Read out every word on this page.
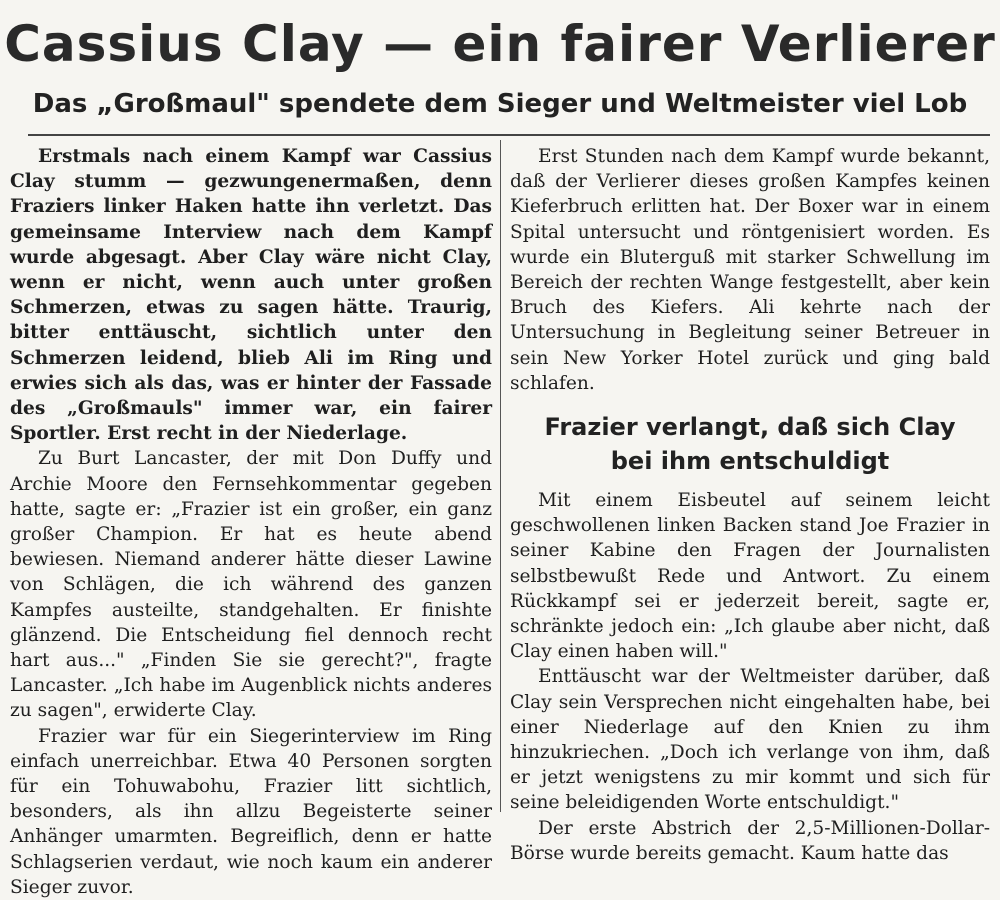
Cassius Clay — ein fairer Verlierer
Das „Großmaul" spendete dem Sieger und Weltmeister viel Lob

Erstmals nach einem Kampf war Cassius Clay stumm — gezwungenermaßen, denn Fraziers linker Haken hatte ihn verletzt. Das gemeinsame Interview nach dem Kampf wurde abgesagt. Aber Clay wäre nicht Clay, wenn er nicht, wenn auch unter großen Schmerzen, etwas zu sagen hätte. Traurig, bitter enttäuscht, sichtlich unter den Schmerzen leidend, blieb Ali im Ring und erwies sich als das, was er hinter der Fassade des „Großmauls" immer war, ein fairer Sportler. Erst recht in der Niederlage.

Zu Burt Lancaster, der mit Don Duffy und Archie Moore den Fernsehkommentar gegeben hatte, sagte er: „Frazier ist ein großer, ein ganz großer Champion. Er hat es heute abend bewiesen. Niemand anderer hätte dieser Lawine von Schlägen, die ich während des ganzen Kampfes austeilte, standgehalten. Er finishte glänzend. Die Entscheidung fiel dennoch recht hart aus..." „Finden Sie sie gerecht?", fragte Lancaster. „Ich habe im Augenblick nichts anderes zu sagen", erwiderte Clay.

Frazier war für ein Siegerinterview im Ring einfach unerreichbar. Etwa 40 Personen sorgten für ein Tohuwabohu, Frazier litt sichtlich, besonders, als ihn allzu Begeisterte seiner Anhänger umarmten. Begreiflich, denn er hatte Schlagserien verdaut, wie noch kaum ein anderer Sieger zuvor.

Erst Stunden nach dem Kampf wurde bekannt, daß der Verlierer dieses großen Kampfes keinen Kieferbruch erlitten hat. Der Boxer war in einem Spital untersucht und röntgenisiert worden. Es wurde ein Bluterguß mit starker Schwellung im Bereich der rechten Wange festgestellt, aber kein Bruch des Kiefers. Ali kehrte nach der Untersuchung in Begleitung seiner Betreuer in sein New Yorker Hotel zurück und ging bald schlafen.

Frazier verlangt, daß sich Clay
bei ihm entschuldigt

Mit einem Eisbeutel auf seinem leicht geschwollenen linken Backen stand Joe Frazier in seiner Kabine den Fragen der Journalisten selbstbewußt Rede und Antwort. Zu einem Rückkampf sei er jederzeit bereit, sagte er, schränkte jedoch ein: „Ich glaube aber nicht, daß Clay einen haben will."

Enttäuscht war der Weltmeister darüber, daß Clay sein Versprechen nicht eingehalten habe, bei einer Niederlage auf den Knien zu ihm hinzukriechen. „Doch ich verlange von ihm, daß er jetzt wenigstens zu mir kommt und sich für seine beleidigenden Worte entschuldigt."

Der erste Abstrich der 2,5-Millionen-Dollar-Börse wurde bereits gemacht. Kaum hatte das
